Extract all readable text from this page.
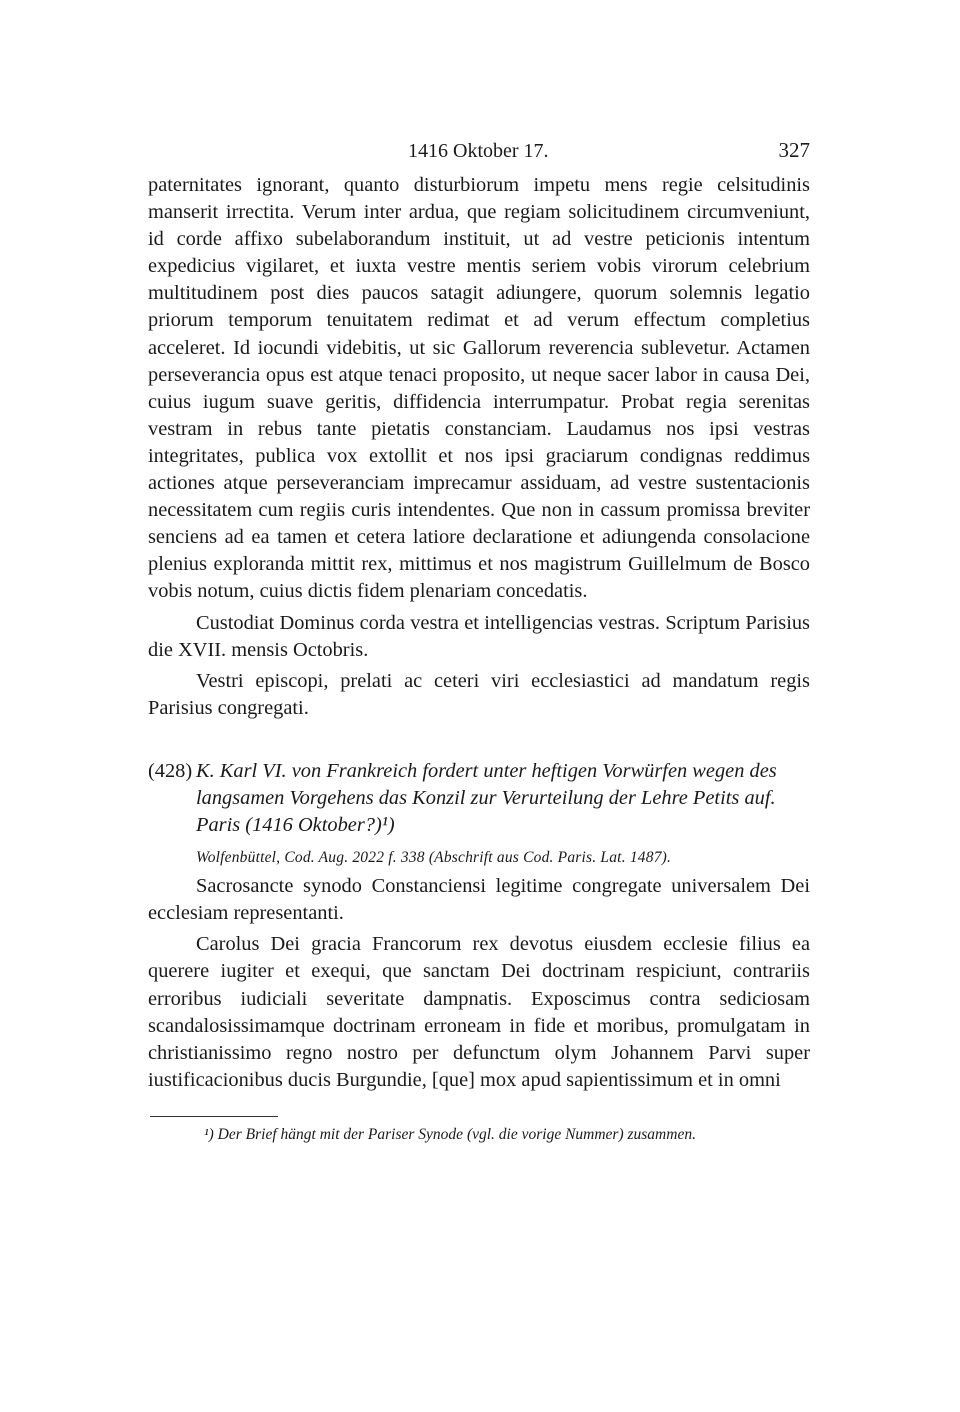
1416 Oktober 17.	327

paternitates ignorant, quanto disturbiorum impetu mens regie celsitudinis manserit irrectita. Verum inter ardua, que regiam solicitudinem circumveniunt, id corde affixo subelaborandum instituit, ut ad vestre peticionis intentum expedicius vigilaret, et iuxta vestre mentis seriem vobis virorum celebrium multitudinem post dies paucos satagit adiungere, quorum solemnis legatio priorum temporum tenuitatem redimat et ad verum effectum completius acceleret. Id iocundi videbitis, ut sic Gallorum reverencia sublevetur. Actamen perseverancia opus est atque tenaci proposito, ut neque sacer labor in causa Dei, cuius iugum suave geritis, diffidencia interrumpatur. Probat regia serenitas vestram in rebus tante pietatis constanciam. Laudamus nos ipsi vestras integritates, publica vox extollit et nos ipsi graciarum condignas reddimus actiones atque perseveranciam imprecamur assiduam, ad vestre sustentacionis necessitatem cum regiis curis intendentes. Que non in cassum promissa breviter senciens ad ea tamen et cetera latiore declaratione et adiungenda consolacione plenius exploranda mittit rex, mittimus et nos magistrum Guillelmum de Bosco vobis notum, cuius dictis fidem plenariam concedatis.

Custodiat Dominus corda vestra et intelligencias vestras. Scriptum Parisius die XVII. mensis Octobris.

Vestri episcopi, prelati ac ceteri viri ecclesiastici ad mandatum regis Parisius congregati.

(428) K. Karl VI. von Frankreich fordert unter heftigen Vorwürfen wegen des langsamen Vorgehens das Konzil zur Verurteilung der Lehre Petits auf. Paris (1416 Oktober?)¹)
Wolfenbüttel, Cod. Aug. 2022 f. 338 (Abschrift aus Cod. Paris. Lat. 1487).

Sacrosancte synodo Constanciensi legitime congregate universalem Dei ecclesiam representanti.

Carolus Dei gracia Francorum rex devotus eiusdem ecclesie filius ea querere iugiter et exequi, que sanctam Dei doctrinam respiciunt, contrariis erroribus iudiciali severitate dampnatis. Exposcimus contra sediciosam scandalosissimamque doctrinam erroneam in fide et moribus, promulgatam in christianissimo regno nostro per defunctum olym Johannem Parvi super iustificacionibus ducis Burgundie, [que] mox apud sapientissimum et in omni

¹) Der Brief hängt mit der Pariser Synode (vgl. die vorige Nummer) zusammen.
